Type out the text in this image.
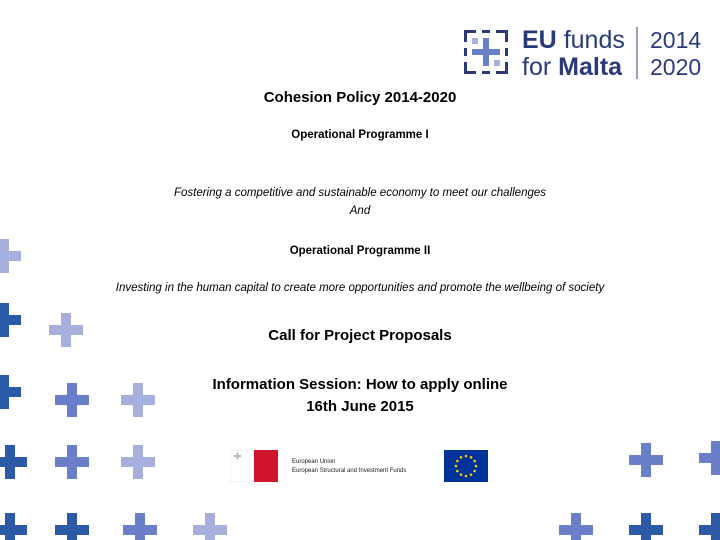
EU funds
for Malta
2014
2020
Cohesion Policy 2014-2020
Operational Programme I
Fostering a competitive and sustainable economy to meet our challenges
And
Operational Programme II
Investing in the human capital to create more opportunities and promote the wellbeing of society
Call for Project Proposals
Information Session: How to apply online
16th June 2015
European Union
European Structural and Investment Funds
